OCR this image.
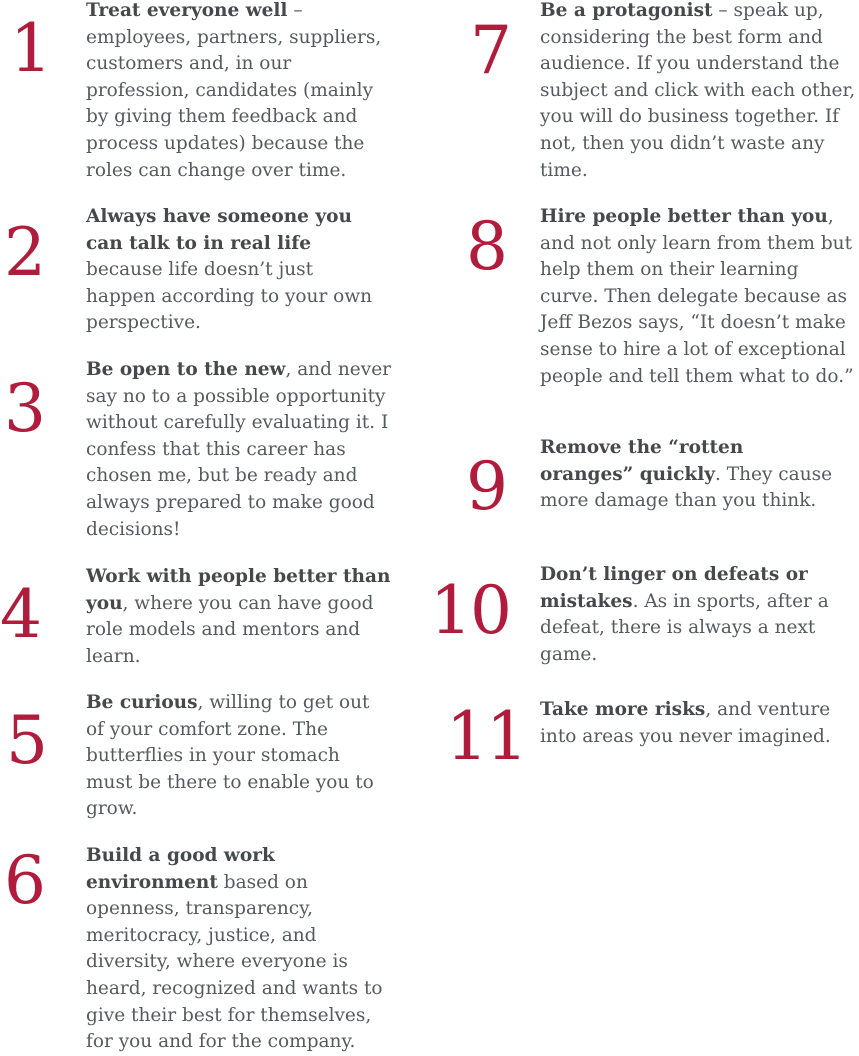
1 Treat everyone well – employees, partners, suppliers, customers and, in our profession, candidates (mainly by giving them feedback and process updates) because the roles can change over time.
2 Always have someone you can talk to in real life because life doesn’t just happen according to your own perspective.
3
Be open to the new, and never say no to a possible opportunity without carefully evaluating it. I confess that this career has chosen me, but be ready and always prepared to make good decisions!
4 Work with people better than you, where you can have good role models and mentors and learn.
5 Be curious, willing to get out of your comfort zone. The butterflies in your stomach must be there to enable you to grow.
6 Build a good work environment based on openness, transparency, meritocracy, justice, and diversity, where everyone is heard, recognized and wants to give their best for themselves, for you and for the company.
7
Be a protagonist – speak up, considering the best form and audience. If you understand the subject and click with each other, you will do business together. If not, then you didn’t waste any time.
8 Hire people better than you, and not only learn from them but help them on their learning curve. Then delegate because as Jeff Bezos says, “It doesn’t make sense to hire a lot of exceptional people and tell them what to do.”
9
Remove the “rotten oranges” quickly. They cause more damage than you think.
10 Don’t linger on defeats or mistakes. As in sports, after a defeat, there is always a next game.
11 Take more risks, and venture into areas you never imagined.
